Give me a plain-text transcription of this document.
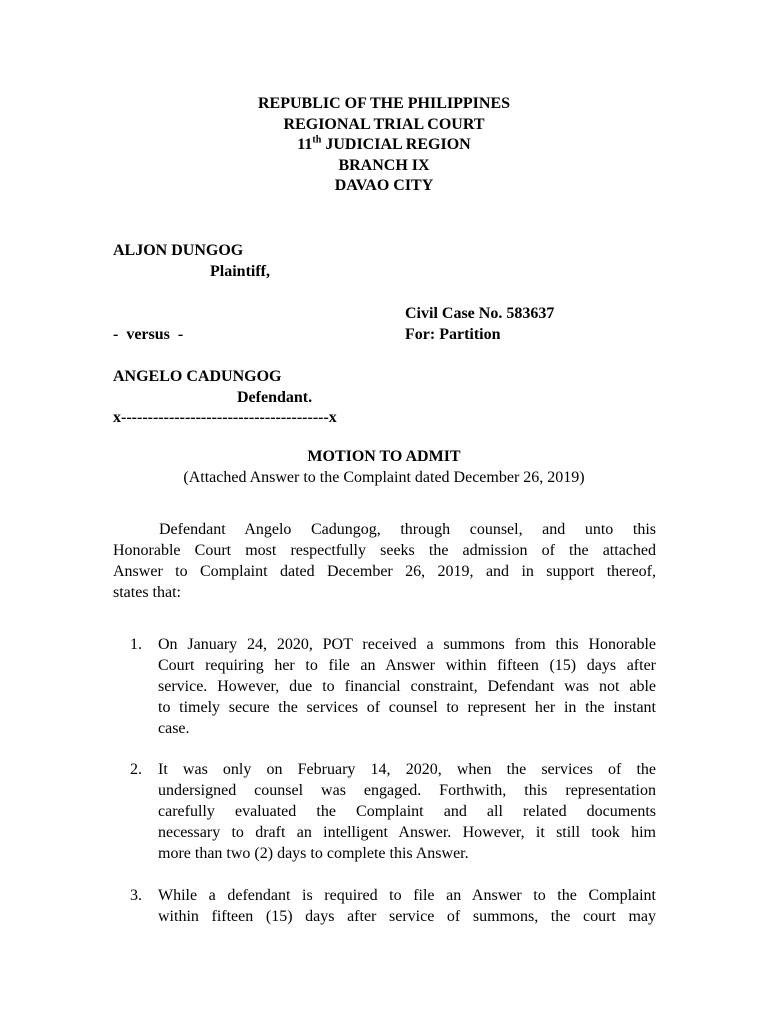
REPUBLIC OF THE PHILIPPINES
REGIONAL TRIAL COURT
11th JUDICIAL REGION
BRANCH IX
DAVAO CITY
ALJON DUNGOG
Plaintiff,
Civil Case No. 583637
-  versus  -	For: Partition
ANGELO CADUNGOG
Defendant.
x---------------------------------------x
MOTION TO ADMIT
(Attached Answer to the Complaint dated December 26, 2019)
Defendant Angelo Cadungog, through counsel, and unto this
Honorable Court most respectfully seeks the admission of the attached
Answer to Complaint dated December 26, 2019, and in support thereof,
states that:
1.	On January 24, 2020, POT received a summons from this Honorable
Court requiring her to file an Answer within fifteen (15) days after
service. However, due to financial constraint, Defendant was not able
to timely secure the services of counsel to represent her in the instant
case.
2.	It was only on February 14, 2020, when the services of the
undersigned counsel was engaged. Forthwith, this representation
carefully evaluated the Complaint and all related documents
necessary to draft an intelligent Answer. However, it still took him
more than two (2) days to complete this Answer.
3.	While a defendant is required to file an Answer to the Complaint
within fifteen (15) days after service of summons, the court may
